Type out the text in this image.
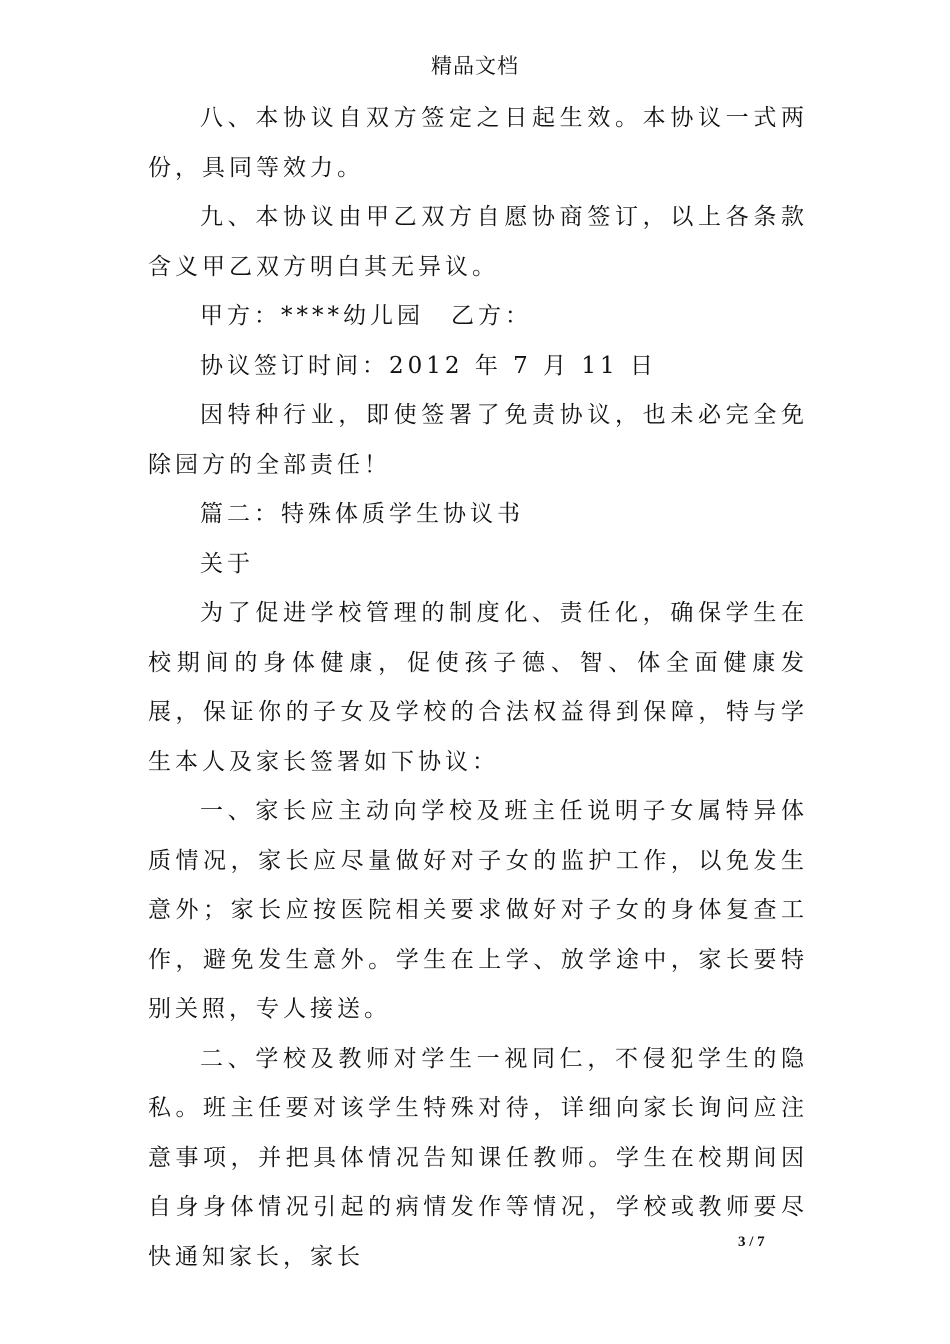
精品文档

八、本协议自双方签定之日起生效。本协议一式两份，具同等效力。

九、本协议由甲乙双方自愿协商签订，以上各条款含义甲乙双方明白其无异议。

甲方：****幼儿园　乙方：

协议签订时间：2012 年 7 月 11 日

因特种行业，即使签署了免责协议，也未必完全免除园方的全部责任！

篇二：特殊体质学生协议书

关于

为了促进学校管理的制度化、责任化，确保学生在校期间的身体健康，促使孩子德、智、体全面健康发展，保证你的子女及学校的合法权益得到保障，特与学生本人及家长签署如下协议：

一、家长应主动向学校及班主任说明子女属特异体质情况，家长应尽量做好对子女的监护工作，以免发生意外；家长应按医院相关要求做好对子女的身体复查工作，避免发生意外。学生在上学、放学途中，家长要特别关照，专人接送。

二、学校及教师对学生一视同仁，不侵犯学生的隐私。班主任要对该学生特殊对待，详细向家长询问应注意事项，并把具体情况告知课任教师。学生在校期间因自身身体情况引起的病情发作等情况，学校或教师要尽快通知家长，家长

3 / 7
